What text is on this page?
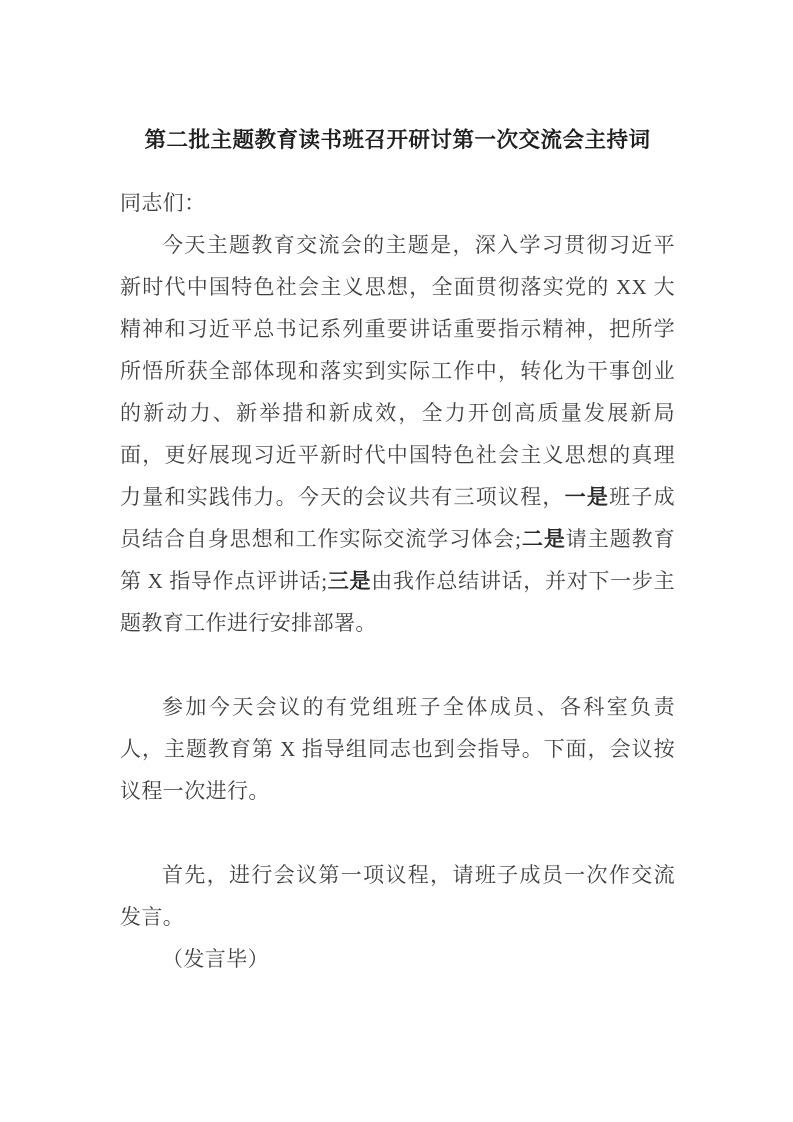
第二批主题教育读书班召开研讨第一次交流会主持词

同志们：

今天主题教育交流会的主题是，深入学习贯彻习近平新时代中国特色社会主义思想，全面贯彻落实党的 XX 大精神和习近平总书记系列重要讲话重要指示精神，把所学所悟所获全部体现和落实到实际工作中，转化为干事创业的新动力、新举措和新成效，全力开创高质量发展新局面，更好展现习近平新时代中国特色社会主义思想的真理力量和实践伟力。今天的会议共有三项议程，一是班子成员结合自身思想和工作实际交流学习体会;二是请主题教育第 X 指导作点评讲话;三是由我作总结讲话，并对下一步主题教育工作进行安排部署。

参加今天会议的有党组班子全体成员、各科室负责人，主题教育第 X 指导组同志也到会指导。下面，会议按议程一次进行。

首先，进行会议第一项议程，请班子成员一次作交流发言。

（发言毕）
